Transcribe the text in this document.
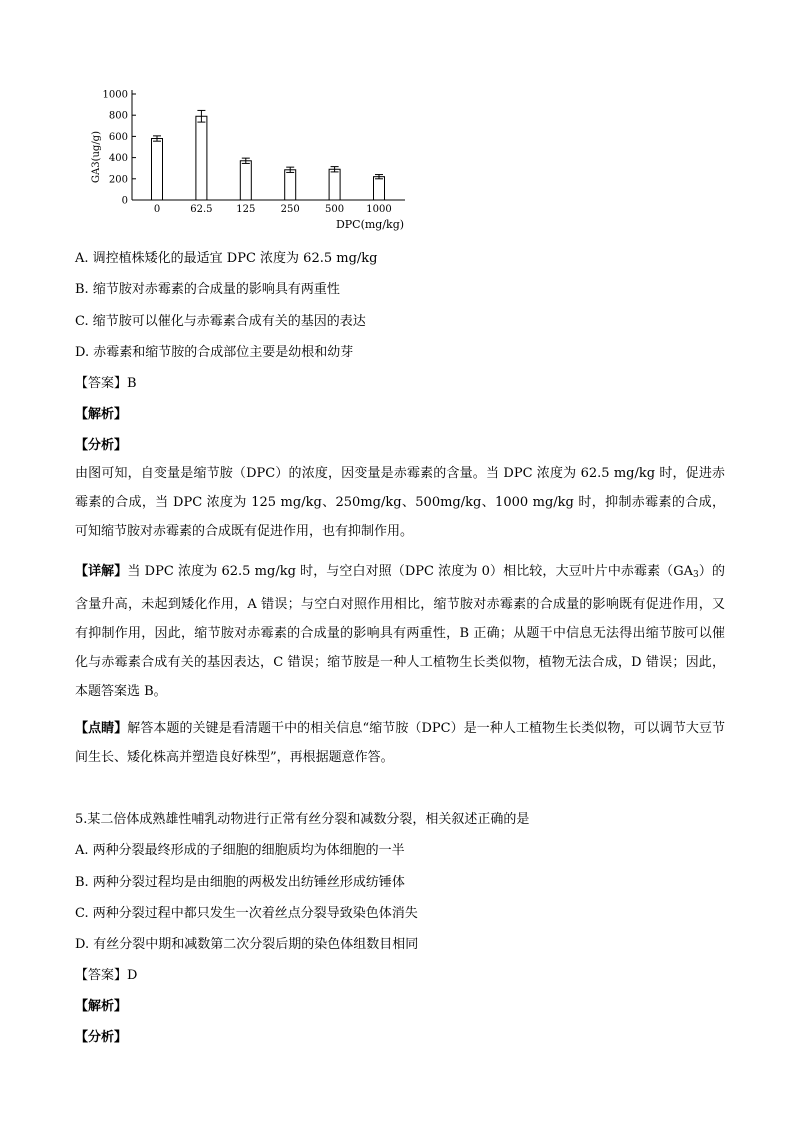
GA3(ug/g)
DPC(mg/kg)
0
200
400
600
800
1000
0	62.5 125	250	500 1000
A. 调控植株矮化的最适宜 DPC 浓度为 62.5 mg/kg
B. 缩节胺对赤霉素的合成量的影响具有两重性
C. 缩节胺可以催化与赤霉素合成有关的基因的表达
D. 赤霉素和缩节胺的合成部位主要是幼根和幼芽
【答案】B
【解析】
【分析】
由图可知，自变量是缩节胺（DPC）的浓度，因变量是赤霉素的含量。当 DPC 浓度为 62.5 mg/kg 时，促进赤霉素的合成，当 DPC 浓度为 125 mg/kg、250mg/kg、500mg/kg、1000 mg/kg 时，抑制赤霉素的合成，可知缩节胺对赤霉素的合成既有促进作用，也有抑制作用。
【详解】当 DPC 浓度为 62.5 mg/kg 时，与空白对照（DPC 浓度为 0）相比较，大豆叶片中赤霉素$(GA_3)$的含量升高，未起到矮化作用，A 错误；与空白对照作用相比，缩节胺对赤霉素的合成量的影响既有促进作用，又有抑制作用，因此，缩节胺对赤霉素的合成量的影响具有两重性，B 正确；从题干中信息无法得出缩节胺可以催化与赤霉素合成有关的基因表达，C 错误；缩节胺是一种人工植物生长类似物，植物无法合成，D 错误；因此，本题答案选 B。
【点睛】解答本题的关键是看清题干中的相关信息“缩节胺（DPC）是一种人工植物生长类似物，可以调节大豆节间生长、矮化株高并塑造良好株型”，再根据题意作答。
5.某二倍体成熟雄性哺乳动物进行正常有丝分裂和减数分裂，相关叙述正确的是
A. 两种分裂最终形成的子细胞的细胞质均为体细胞的一半
B. 两种分裂过程均是由细胞的两极发出纺锤丝形成纺锤体
C. 两种分裂过程中都只发生一次着丝点分裂导致染色体消失
D. 有丝分裂中期和减数第二次分裂后期的染色体组数目相同
【答案】D
【解析】
【分析】
